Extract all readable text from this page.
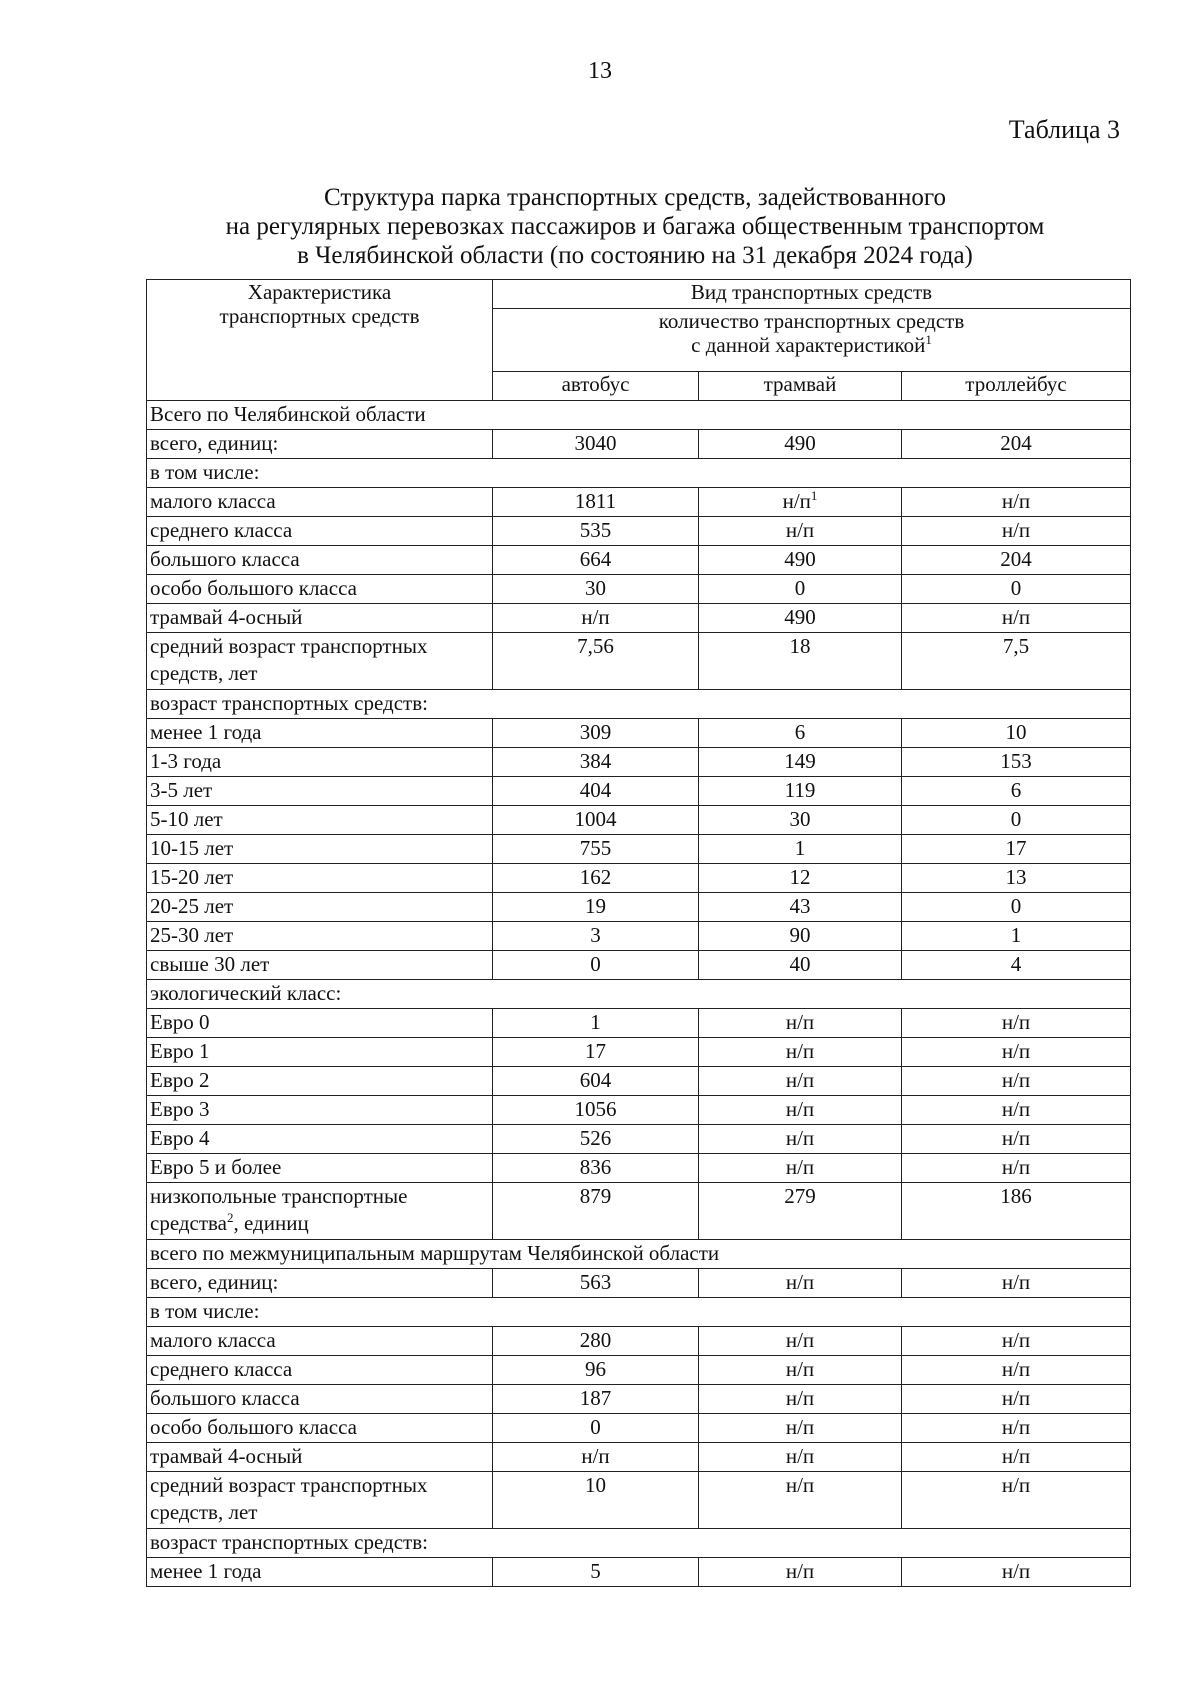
13
Таблица 3
Структура парка транспортных средств, задействованного
на регулярных перевозках пассажиров и багажа общественным транспортом
в Челябинской области (по состоянию на 31 декабря 2024 года)
Характеристика
транспортных средств	Вид транспортных средств		

	количество транспортных средств
с данной характеристикой$^1$

	автобус	трамвай	троллейбус
Всего по Челябинской области			
всего, единиц:	3040	490	204
в том числе:			
малого класса	1811	$н/п^1$	н/п
среднего класса	535	н/п	н/п
большого класса	664	490	204
особо большого класса	30	0	0
трамвай 4-осный	н/п	490	н/п
средний возраст транспортных средств, лет	7,56	18	7,5
возраст транспортных средств:			
менее 1 года	309	6	10
1-3 года	384	149	153
3-5 лет	404	119	6
5-10 лет	1004	30	0
10-15 лет	755	1	17
15-20 лет	162	12	13
20-25 лет	19	43	0
25-30 лет	3	90	1
свыше 30 лет	0	40	4
экологический класс:			
Евро 0	1	н/п	н/п
Евро 1	17	н/п	н/п
Евро 2	604	н/п	н/п
Евро 3	1056	н/п	н/п
Евро 4	526	н/п	н/п
Евро 5 и более	836	н/п	н/п
низкопольные транспортные средства$^2$, единиц	879	279	186
всего по межмуниципальным маршрутам Челябинской области			
всего, единиц:	563	н/п	н/п
в том числе:			
малого класса	280	н/п	н/п
среднего класса	96	н/п	н/п
большого класса	187	н/п	н/п
особо большого класса	0	н/п	н/п
трамвай 4-осный	н/п	н/п	н/п
средний возраст транспортных средств, лет	10	н/п	н/п
возраст транспортных средств:			
менее 1 года	5	н/п	н/п
